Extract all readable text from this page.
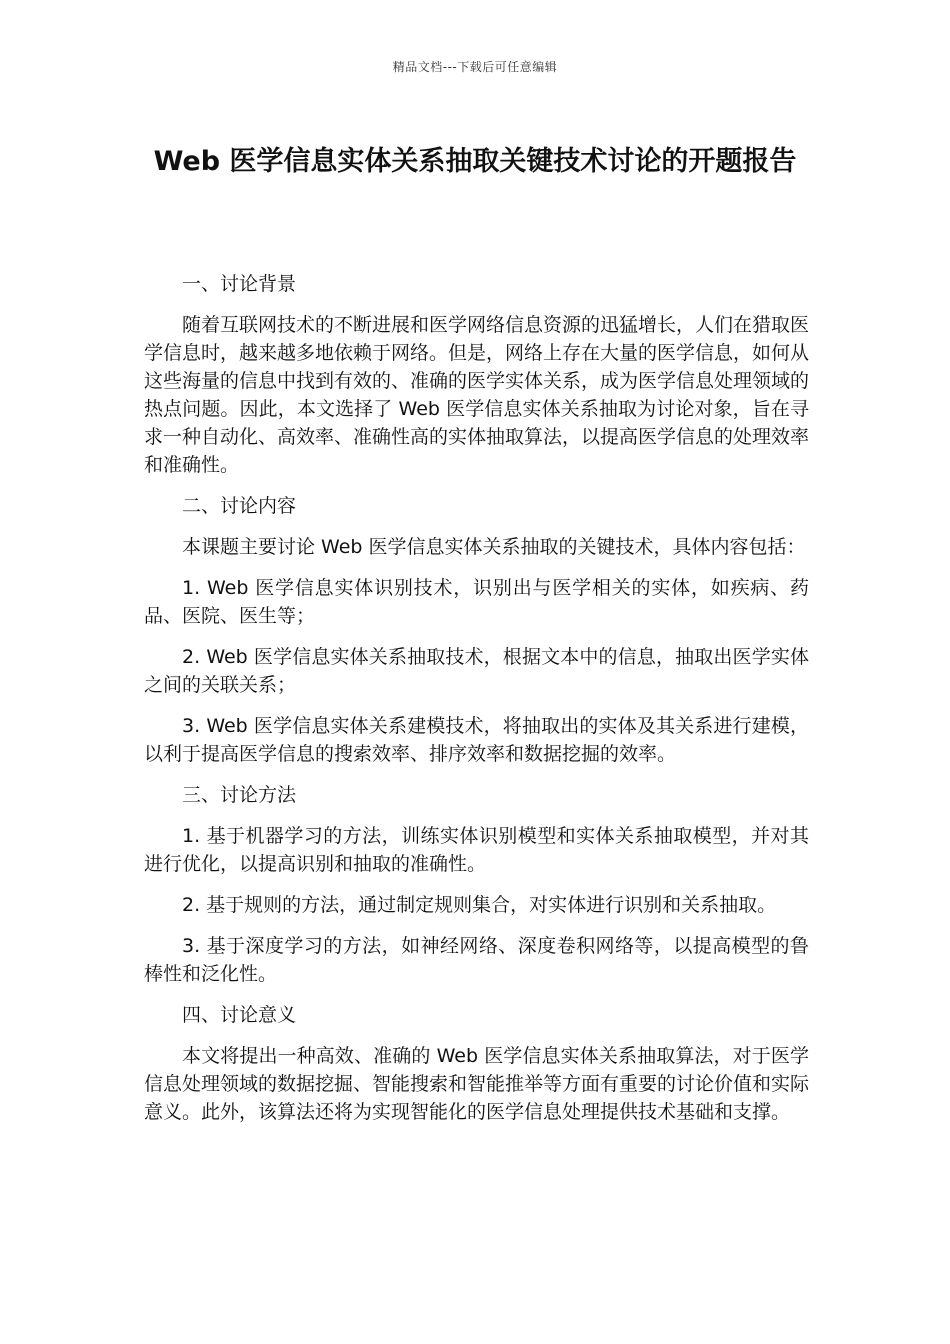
精品文档---下载后可任意编辑
Web 医学信息实体关系抽取关键技术讨论的开题报告

一、讨论背景

随着互联网技术的不断进展和医学网络信息资源的迅猛增长，人们在猎取医学信息时，越来越多地依赖于网络。但是，网络上存在大量的医学信息，如何从这些海量的信息中找到有效的、准确的医学实体关系，成为医学信息处理领域的热点问题。因此，本文选择了 Web 医学信息实体关系抽取为讨论对象，旨在寻求一种自动化、高效率、准确性高的实体抽取算法，以提高医学信息的处理效率和准确性。

二、讨论内容

本课题主要讨论 Web 医学信息实体关系抽取的关键技术，具体内容包括：

1. Web 医学信息实体识别技术，识别出与医学相关的实体，如疾病、药品、医院、医生等；

2. Web 医学信息实体关系抽取技术，根据文本中的信息，抽取出医学实体之间的关联关系；

3. Web 医学信息实体关系建模技术，将抽取出的实体及其关系进行建模，以利于提高医学信息的搜索效率、排序效率和数据挖掘的效率。

三、讨论方法

1. 基于机器学习的方法，训练实体识别模型和实体关系抽取模型，并对其进行优化，以提高识别和抽取的准确性。

2. 基于规则的方法，通过制定规则集合，对实体进行识别和关系抽取。

3. 基于深度学习的方法，如神经网络、深度卷积网络等，以提高模型的鲁棒性和泛化性。

四、讨论意义

本文将提出一种高效、准确的 Web 医学信息实体关系抽取算法，对于医学信息处理领域的数据挖掘、智能搜索和智能推举等方面有重要的讨论价值和实际意义。此外，该算法还将为实现智能化的医学信息处理提供技术基础和支撑。
